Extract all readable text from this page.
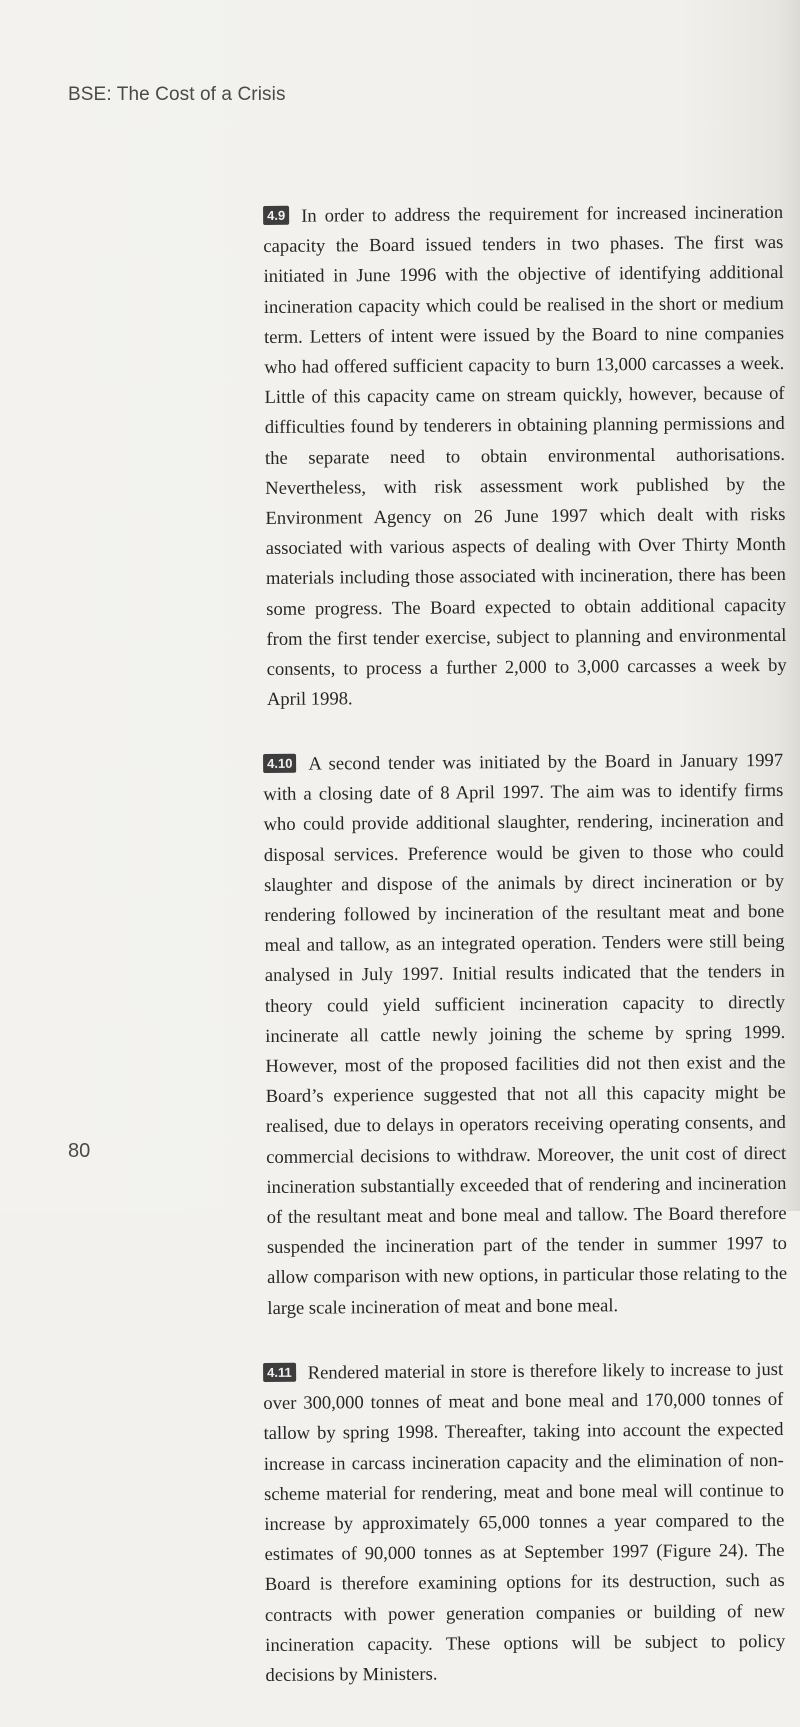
BSE: The Cost of a Crisis

4.9 In order to address the requirement for increased incineration capacity the Board issued tenders in two phases. The first was initiated in June 1996 with the objective of identifying additional incineration capacity which could be realised in the short or medium term. Letters of intent were issued by the Board to nine companies who had offered sufficient capacity to burn 13,000 carcasses a week. Little of this capacity came on stream quickly, however, because of difficulties found by tenderers in obtaining planning permissions and the separate need to obtain environmental authorisations. Nevertheless, with risk assessment work published by the Environment Agency on 26 June 1997 which dealt with risks associated with various aspects of dealing with Over Thirty Month materials including those associated with incineration, there has been some progress. The Board expected to obtain additional capacity from the first tender exercise, subject to planning and environmental consents, to process a further 2,000 to 3,000 carcasses a week by April 1998.

4.10 A second tender was initiated by the Board in January 1997 with a closing date of 8 April 1997. The aim was to identify firms who could provide additional slaughter, rendering, incineration and disposal services. Preference would be given to those who could slaughter and dispose of the animals by direct incineration or by rendering followed by incineration of the resultant meat and bone meal and tallow, as an integrated operation. Tenders were still being analysed in July 1997. Initial results indicated that the tenders in theory could yield sufficient incineration capacity to directly incinerate all cattle newly joining the scheme by spring 1999. However, most of the proposed facilities did not then exist and the Board’s experience suggested that not all this capacity might be realised, due to delays in operators receiving operating consents, and commercial decisions to withdraw. Moreover, the unit cost of direct incineration substantially exceeded that of rendering and incineration of the resultant meat and bone meal and tallow. The Board therefore suspended the incineration part of the tender in summer 1997 to allow comparison with new options, in particular those relating to the large scale incineration of meat and bone meal.

4.11 Rendered material in store is therefore likely to increase to just over 300,000 tonnes of meat and bone meal and 170,000 tonnes of tallow by spring 1998. Thereafter, taking into account the expected increase in carcass incineration capacity and the elimination of non-scheme material for rendering, meat and bone meal will continue to increase by approximately 65,000 tonnes a year compared to the estimates of 90,000 tonnes as at September 1997 (Figure 24). The Board is therefore examining options for its destruction, such as contracts with power generation companies or building of new incineration capacity. These options will be subject to policy decisions by Ministers.

80
